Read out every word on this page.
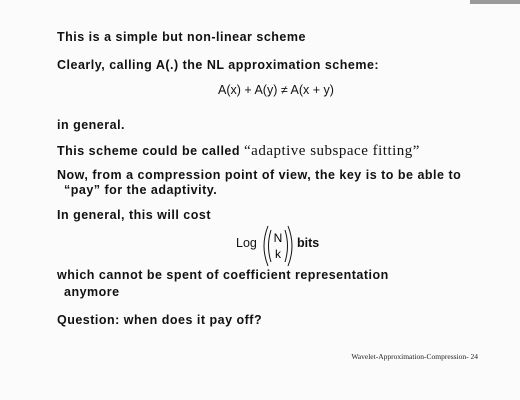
This is a simple but non-linear scheme
Clearly, calling A(.) the NL approximation scheme:
A(x) + A(y) ≠ A(x + y)
in general.
This scheme could be called “adaptive subspace fitting”
Now, from a compression point of view, the key is to be able to
“pay” for the adaptivity.
In general, this will cost
Log N
k
bits
which cannot be spent of coefficient representation
anymore
Question: when does it pay off?
Wavelet-Approximation-Compression- 24
